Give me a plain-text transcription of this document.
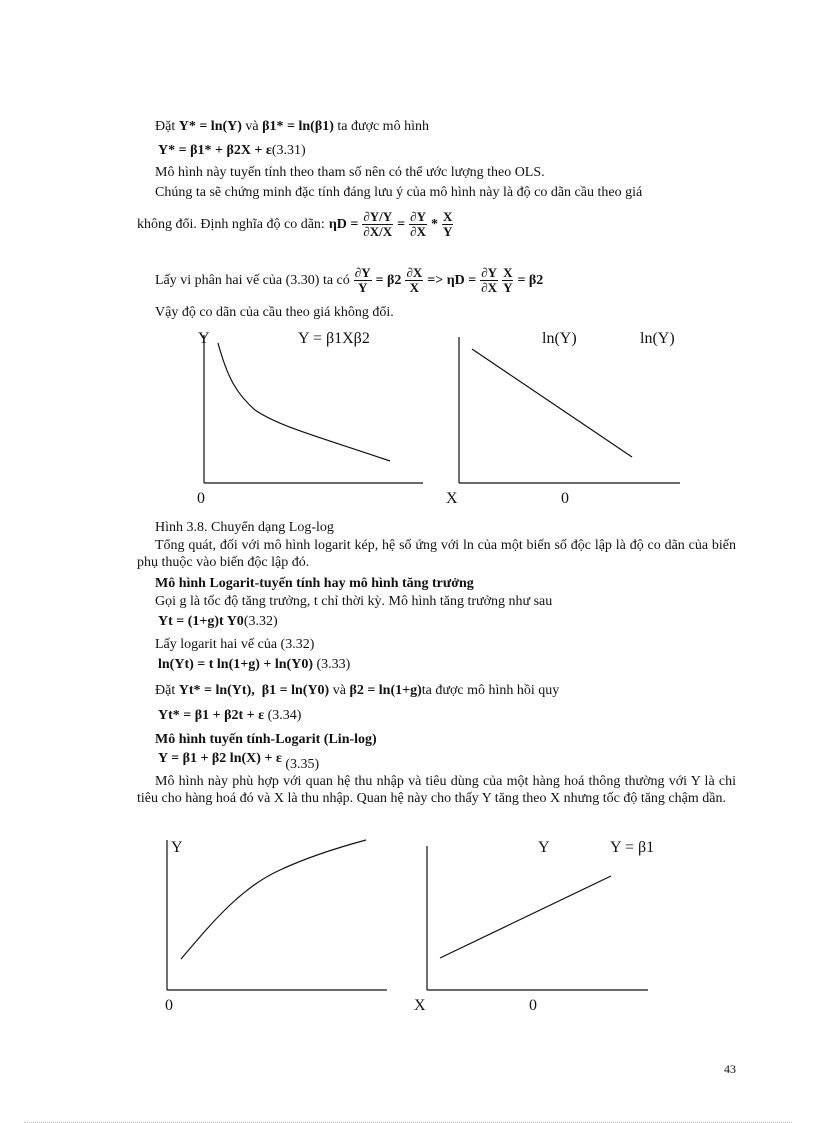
Đặt Y* = ln(Y) và β1* = ln(β1) ta được mô hình
Y* = β1* + β2X + ε(3.31)
Mô hình này tuyến tính theo tham số nên có thể ước lượng theo OLS.
Chúng ta sẽ chứng minh đặc tính đáng lưu ý của mô hình này là độ co dãn cầu theo giá
không đổi. Định nghĩa độ co dãn: $\eta D = \frac{\partial Y/Y}{\partial X/X} = \frac{\partial Y}{\partial X} * \frac{X}{Y}$
Lấy vi phân hai vế của (3.30) ta có $\frac{\partial Y}{Y} = \beta 2 \frac{\partial X}{X} => \eta D = \frac{\partial Y}{\partial X} \frac{X}{Y} = \beta 2$
Vậy độ co dãn của cầu theo giá không đổi.
Y	Y = β1Xβ2	ln(Y)	ln(Y)
0	X	0
Hình 3.8. Chuyển dạng Log-log
Tổng quát, đối với mô hình logarit kép, hệ số ứng với ln của một biến số độc lập là độ co dãn của biến phụ thuộc vào biến độc lập đó.
Mô hình Logarit-tuyến tính hay mô hình tăng trưởng
Gọi g là tốc độ tăng trưởng, t chỉ thời kỳ. Mô hình tăng trưởng như sau
Yt = (1+g)t Y0(3.32)
Lấy logarit hai vế của (3.32)
ln(Yt) = t ln(1+g) + ln(Y0) (3.33)
Đặt Yt* = ln(Yt), β1 = ln(Y0) và β2 = ln(1+g)ta được mô hình hồi quy
Yt* = β1 + β2t + ε (3.34)
Mô hình tuyến tính-Logarit (Lin-log)
Y = β1 + β2 ln(X) + ε (3.35)
Mô hình này phù hợp với quan hệ thu nhập và tiêu dùng của một hàng hoá thông thường với Y là chi tiêu cho hàng hoá đó và X là thu nhập. Quan hệ này cho thấy Y tăng theo X nhưng tốc độ tăng chậm dần.
Y	Y	Y = β1
0	X	0
43
